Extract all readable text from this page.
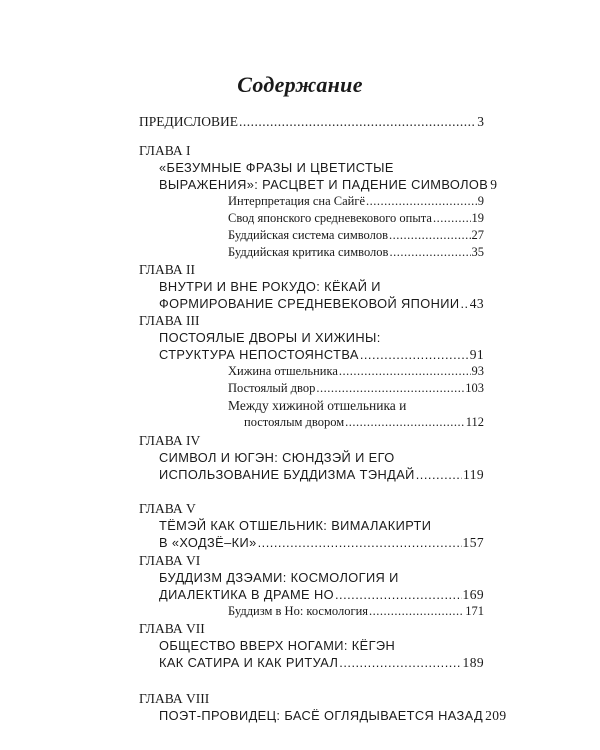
Содержание
ПРЕДИСЛОВИЕ .....	3
ГЛАВА I
«БЕЗУМНЫЕ ФРАЗЫ И ЦВЕТИСТЫЕ
ВЫРАЖЕНИЯ»: РАСЦВЕТ И ПАДЕНИЕ СИМВОЛОВ 9
Интерпретация сна Сайгё .....	9
Свод японского средневекового опыта .....	19
Буддийская система символов .....	27
Буддийская критика символов .....	35
ГЛАВА II
ВНУТРИ И ВНЕ РОКУДО: КЁКАЙ И
ФОРМИРОВАНИЕ СРЕДНЕВЕКОВОЙ ЯПОНИИ ..... 43
ГЛАВА III
ПОСТОЯЛЫЕ ДВОРЫ И ХИЖИНЫ:
СТРУКТУРА НЕПОСТОЯНСТВА .....	91
Хижина отшельника .....	93
Постоялый двор .....	103
Между хижиной отшельника и
постоялым двором .....	112
ГЛАВА IV
СИМВОЛ И ЮГЭН: СЮНДЗЭЙ И ЕГО
ИСПОЛЬЗОВАНИЕ БУДДИЗМА ТЭНДАЙ .....	119
ГЛАВА V
ТЁМЭЙ КАК ОТШЕЛЬНИК: ВИМАЛАКИРТИ
В «ХОДЗЁ–КИ» .....	157
ГЛАВА VI
БУДДИЗМ ДЗЭАМИ: КОСМОЛОГИЯ И
ДИАЛЕКТИКА В ДРАМЕ НО .....	169
Буддизм в Но: космология .....	171
ГЛАВА VII
ОБЩЕСТВО ВВЕРХ НОГАМИ: КЁГЭН
КАК САТИРА И КАК РИТУАЛ .....	189
ГЛАВА VIII
ПОЭТ-ПРОВИДЕЦ: БАСЁ ОГЛЯДЫВАЕТСЯ НАЗАД 209
